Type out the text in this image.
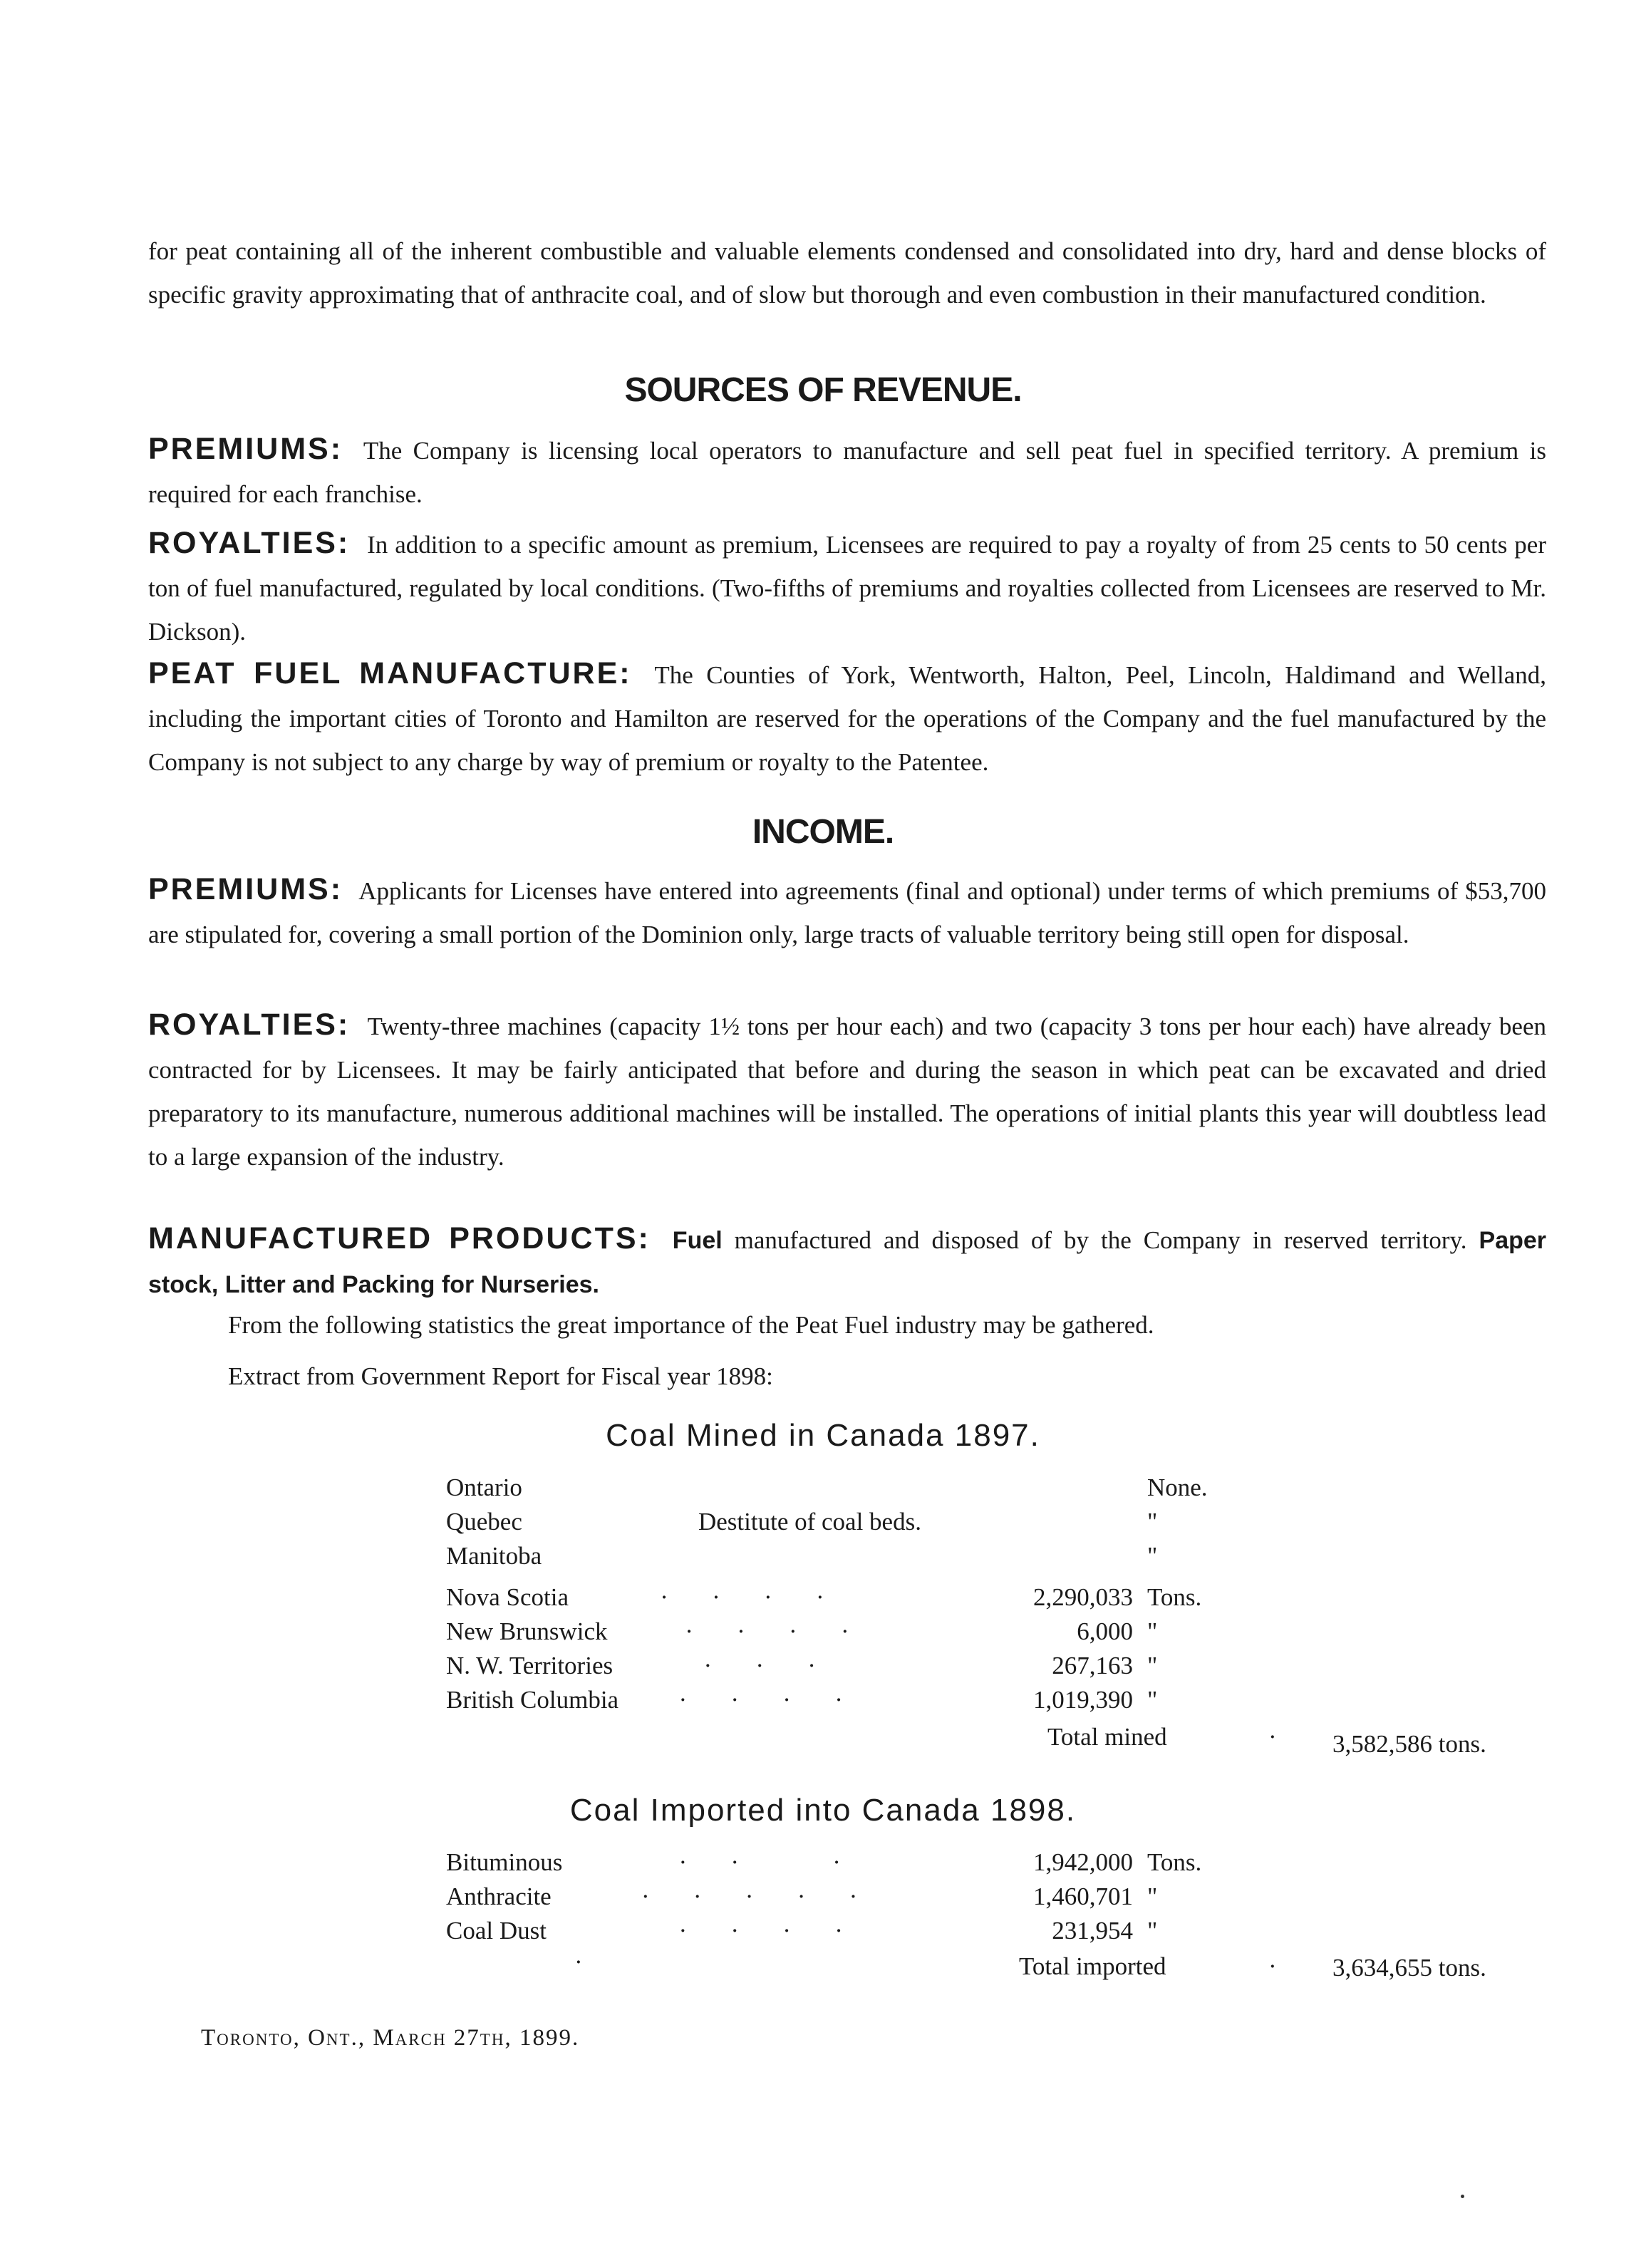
for peat containing all of the inherent combustible and valuable elements condensed and consolidated into dry, hard and dense blocks of specific gravity approximating that of anthracite coal, and of slow but thorough and even combustion in their manufactured condition.
SOURCES OF REVENUE.
PREMIUMS: The Company is licensing local operators to manufacture and sell peat fuel in specified territory. A premium is required for each franchise.
ROYALTIES: In addition to a specific amount as premium, Licensees are required to pay a royalty of from 25 cents to 50 cents per ton of fuel manufactured, regulated by local conditions. (Two-fifths of premiums and royalties collected from Licensees are reserved to Mr. Dickson).
PEAT FUEL MANUFACTURE: The Counties of York, Wentworth, Halton, Peel, Lincoln, Haldimand and Welland, including the important cities of Toronto and Hamilton are reserved for the operations of the Company and the fuel manufactured by the Company is not subject to any charge by way of premium or royalty to the Patentee.
INCOME.
PREMIUMS: Applicants for Licenses have entered into agreements (final and optional) under terms of which premiums of $53,700 are stipulated for, covering a small portion of the Dominion only, large tracts of valuable territory being still open for disposal.
ROYALTIES: Twenty-three machines (capacity 1½ tons per hour each) and two (capacity 3 tons per hour each) have already been contracted for by Licensees. It may be fairly anticipated that before and during the season in which peat can be excavated and dried preparatory to its manufacture, numerous additional machines will be installed. The operations of initial plants this year will doubtless lead to a large expansion of the industry.
MANUFACTURED PRODUCTS: Fuel manufactured and disposed of by the Company in reserved territory. Paper stock, Litter and Packing for Nurseries.
From the following statistics the great importance of the Peat Fuel industry may be gathered.
Extract from Government Report for Fiscal year 1898:
Coal Mined in Canada 1897.
Ontario	None.
Quebec	Destitute of coal beds.	"
Manitoba	"
Nova Scotia	·       ·       ·       ·	2,290,033 Tons.
New Brunswick ·       ·       ·       ·	6,000 "
N. W. Territories ·       ·       ·	267,163 "
British Columbia ·       ·       ·       ·	1,019,390 "
Total mined	· 3,582,586 tons.
Coal Imported into Canada 1898.
Bituminous	·       ·               ·	1,942,000 Tons.
Anthracite	·       ·       ·       ·       ·	1,460,701 "
Coal Dust	·       ·       ·       ·	231,954 "
·	Total imported	· 3,634,655 tons.
Toronto, Ont., March 27th, 1899.
